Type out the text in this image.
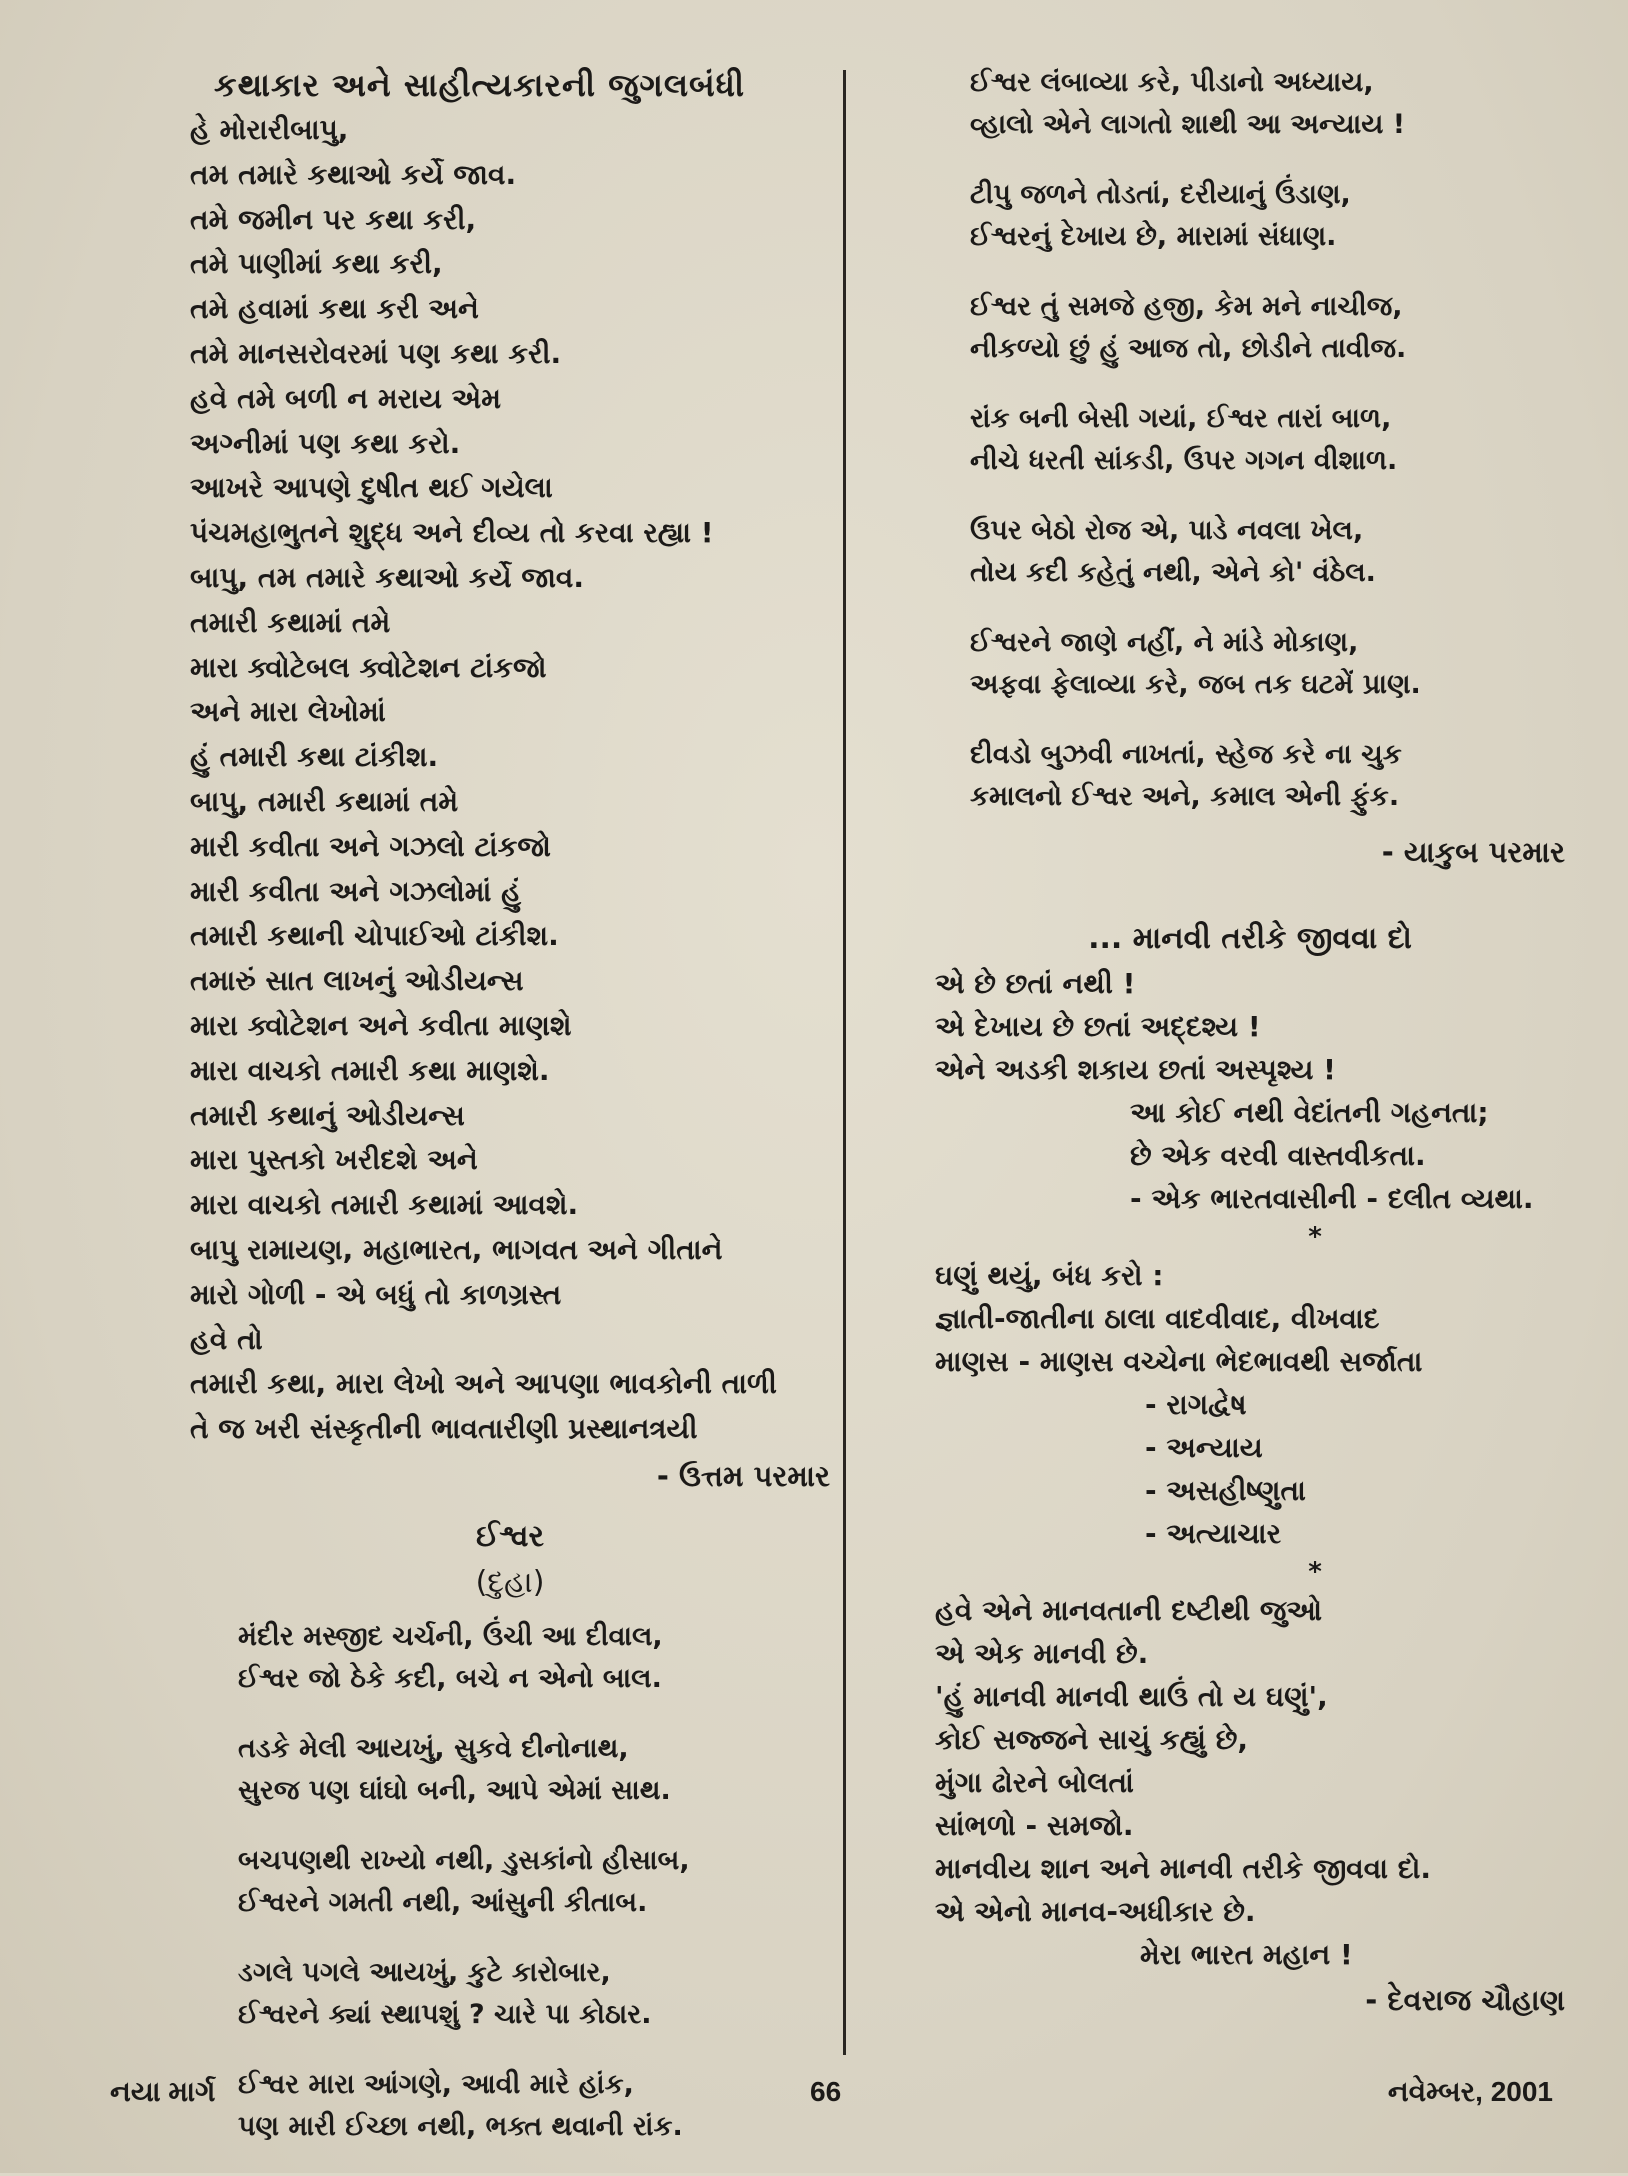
કથાકાર અને સાહીત્યકારની જુગલબંધી
હે મોરારીબાપુ,
તમ તમારે કથાઓ કર્યે જાવ.
તમે જમીન પર કથા કરી,
તમે પાણીમાં કથા કરી,
તમે હવામાં કથા કરી અને
તમે માનસરોવરમાં પણ કથા કરી.
હવે તમે બળી ન મરાય એમ
અગ્નીમાં પણ કથા કરો.
આખરે આપણે દુષીત થઈ ગયેલા
પંચમહાભુતને શુદ્ધ અને દીવ્ય તો કરવા રહ્યા !
બાપુ, તમ તમારે કથાઓ કર્યે જાવ.
તમારી કથામાં તમે
મારા ક્વોટેબલ ક્વોટેશન ટાંકજો
અને મારા લેખોમાં
હું તમારી કથા ટાંકીશ.
બાપુ, તમારી કથામાં તમે
મારી કવીતા અને ગઝલો ટાંકજો
મારી કવીતા અને ગઝલોમાં હું
તમારી કથાની ચોપાઈઓ ટાંકીશ.
તમારું સાત લાખનું ઓડીયન્સ
મારા ક્વોટેશન અને કવીતા માણશે
મારા વાચકો તમારી કથા માણશે.
તમારી કથાનું ઓડીયન્સ
મારા પુસ્તકો ખરીદશે અને
મારા વાચકો તમારી કથામાં આવશે.
બાપુ રામાયણ, મહાભારત, ભાગવત અને ગીતાને
મારો ગોળી - એ બધું તો કાળગ્રસ્ત
હવે તો
તમારી કથા, મારા લેખો અને આપણા ભાવકોની તાળી
તે જ ખરી સંસ્કૃતીની ભાવતારીણી પ્રસ્થાનત્રયી
- ઉત્તમ પરમાર
ઈશ્વર
(દુહા)
મંદીર મસ્જીદ ચર્ચની, ઉંચી આ દીવાલ,
ઈશ્વર જો ઠેકે કદી, બચે ન એનો બાલ.
તડકે મેલી આયખું, સુકવે દીનોનાથ,
સુરજ પણ ઘાંઘો બની, આપે એમાં સાથ.
બચપણથી રાખ્યો નથી, ડુસકાંનો હીસાબ,
ઈશ્વરને ગમતી નથી, આંસુની કીતાબ.
ડગલે પગલે આયખું, કુટે કારોબાર,
ઈશ્વરને ક્યાં સ્થાપશું ? ચારે પા કોઠાર.
ઈશ્વર મારા આંગણે, આવી મારે હાંક,
પણ મારી ઈચ્છા નથી, ભક્ત થવાની રાંક.
ઈશ્વર લંબાવ્યા કરે, પીડાનો અધ્યાય,
વ્હાલો એને લાગતો શાથી આ અન્યાય !
ટીપુ જળને તોડતાં, દરીયાનું ઉંડાણ,
ઈશ્વરનું દેખાય છે, મારામાં સંધાણ.
ઈશ્વર તું સમજે હજી, કેમ મને નાચીજ,
નીકળ્યો છું હું આજ તો, છોડીને તાવીજ.
રાંક બની બેસી ગયાં, ઈશ્વર તારાં બાળ,
નીચે ધરતી સાંકડી, ઉપર ગગન વીશાળ.
ઉપર બેઠો રોજ એ, પાડે નવલા ખેલ,
તોય કદી કહેતું નથી, એને કો' વંઠેલ.
ઈશ્વરને જાણે નહીં, ને માંડે મોકાણ,
અફવા ફેલાવ્યા કરે, જબ તક ઘટમેં પ્રાણ.
દીવડો બુઝવી નાખતાં, સ્હેજ કરે ના ચુક
કમાલનો ઈશ્વર અને, કમાલ એની ફુંક.
- યાકુબ પરમાર
... માનવી તરીકે જીવવા દો
એ છે છતાં નથી !
એ દેખાય છે છતાં અદ્દશ્ય !
એને અડકી શકાય છતાં અસ્પૃશ્ય !
આ કોઈ નથી વેદાંતની ગહનતા;
છે એક વરવી વાસ્તવીકતા.
- એક ભારતવાસીની - દલીત વ્યથા.
*
ઘણું થયું, બંધ કરો :
જ્ઞાતી-જાતીના ઠાલા વાદવીવાદ, વીખવાદ
માણસ - માણસ વચ્ચેના ભેદભાવથી સર્જાતા
- રાગદ્વેષ
- અન્યાય
- અસહીષ્ણુતા
- અત્યાચાર
*
હવે એને માનવતાની દષ્ટીથી જુઓ
એ એક માનવી છે.
'હું માનવી માનવી થાઉં તો ય ઘણું',
કોઈ સજ્જને સાચું કહ્યું છે,
મુંગા ઢોરને બોલતાં
સાંભળો - સમજો.
માનવીય શાન અને માનવી તરીકે જીવવા દો.
એ એનો માનવ-અધીકાર છે.
મેરા ભારત મહાન !
- દેવરાજ ચૌહાણ
નયા માર્ગ	66	નવેમ્બર, 2001
